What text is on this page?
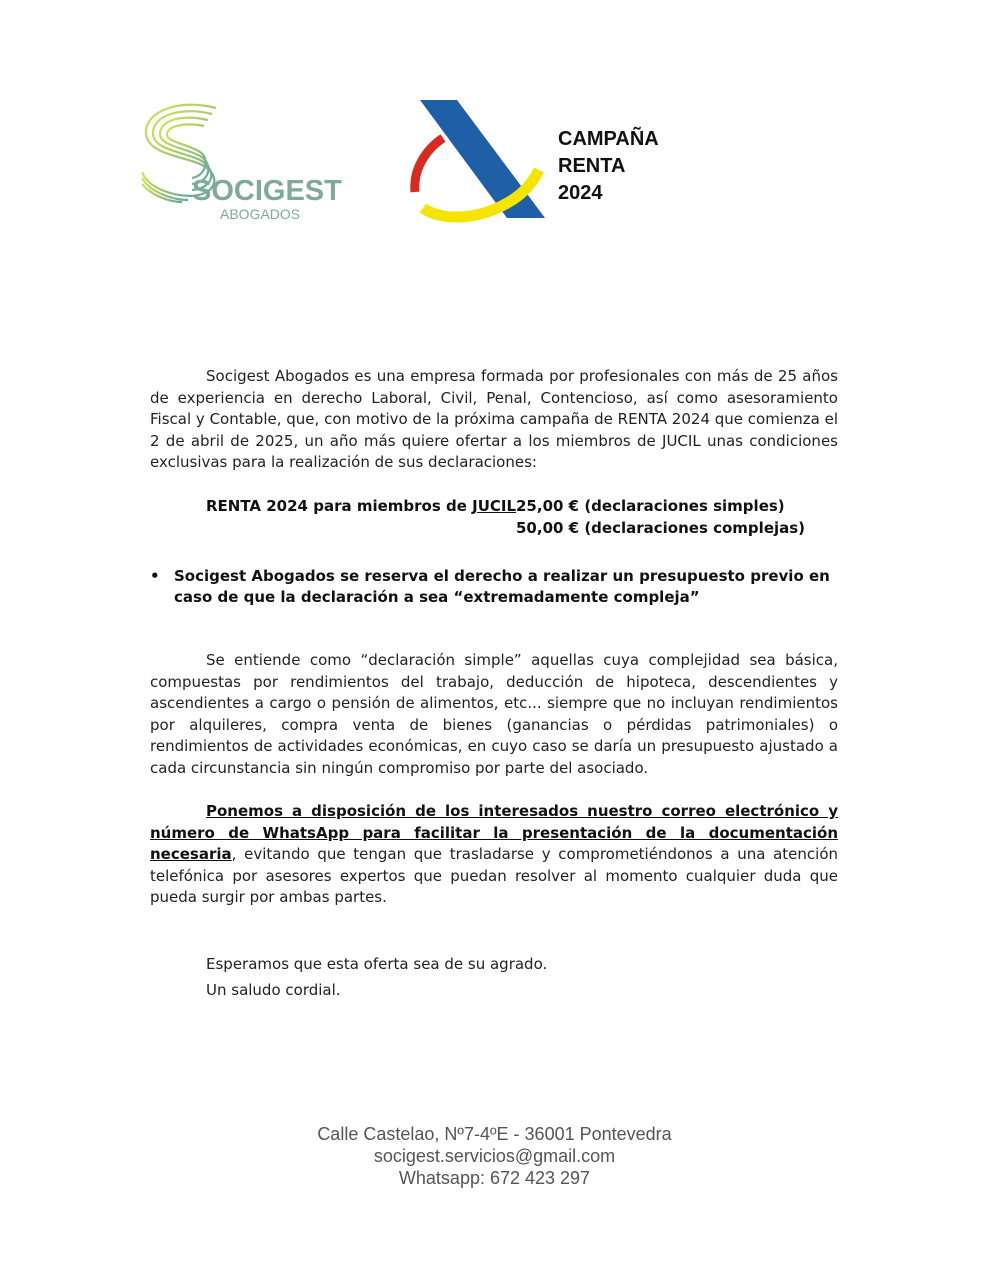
SOCIGEST
ABOGADOS
CAMPAÑA
RENTA
2024
Socigest Abogados es una empresa formada por profesionales con más de 25 años de experiencia en derecho Laboral, Civil, Penal, Contencioso, así como asesoramiento Fiscal y Contable, que, con motivo de la próxima campaña de RENTA 2024 que comienza el 2 de abril de 2025, un año más quiere ofertar a los miembros de JUCIL unas condiciones exclusivas para la realización de sus declaraciones:
RENTA 2024 para miembros de JUCIL 25,00 € (declaraciones simples)
50,00 € (declaraciones complejas)
• Socigest Abogados se reserva el derecho a realizar un presupuesto previo en caso de que la declaración a sea “extremadamente compleja”
Se entiende como “declaración simple” aquellas cuya complejidad sea básica, compuestas por rendimientos del trabajo, deducción de hipoteca, descendientes y ascendientes a cargo o pensión de alimentos, etc... siempre que no incluyan rendimientos por alquileres, compra venta de bienes (ganancias o pérdidas patrimoniales) o rendimientos de actividades económicas, en cuyo caso se daría un presupuesto ajustado a cada circunstancia sin ningún compromiso por parte del asociado.
Ponemos a disposición de los interesados nuestro correo electrónico y número de WhatsApp para facilitar la presentación de la documentación necesaria, evitando que tengan que trasladarse y comprometiéndonos a una atención telefónica por asesores expertos que puedan resolver al momento cualquier duda que pueda surgir por ambas partes.
Esperamos que esta oferta sea de su agrado.
Un saludo cordial.
Calle Castelao, Nº7-4ºE - 36001 Pontevedra
socigest.servicios@gmail.com
Whatsapp: 672 423 297
